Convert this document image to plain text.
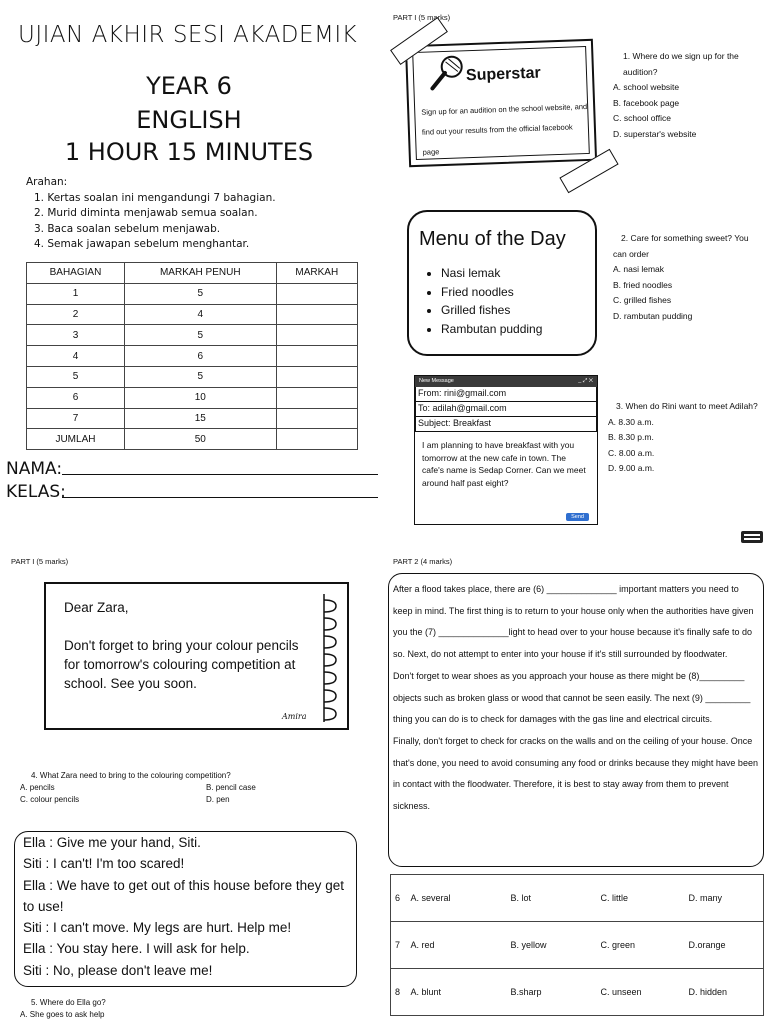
UJIAN AKHIR SESI AKADEMIK
YEAR 6
ENGLISH
1 HOUR 15 MINUTES
Arahan:
1. Kertas soalan ini mengandungi 7 bahagian.
2. Murid diminta menjawab semua soalan.
3. Baca soalan sebelum menjawab.
4. Semak jawapan sebelum menghantar.
BAHAGIAN	MARKAH PENUH	MARKAH
1	5	
2	4	
3	5	
4	6	
5	5	
6	10	
7	15	
JUMLAH	50	
NAMA:
KELAS:
PART I (5 marks)
Superstar
Sign up for an audition on the school website, and find out your results from the official facebook page
1. Where do we sign up for the audition?
A. school website
B. facebook page
C. school office
D. superstar's website
Menu of the Day
• Nasi lemak
• Fried noodles
• Grilled fishes
• Rambutan pudding
2. Care for something sweet? You can order
A. nasi lemak
B. fried noodles
C. grilled fishes
D. rambutan pudding
New Message	_ ⤢ ✕
From: rini@gmail.com
To: adilah@gmail.com
Subject: Breakfast
I am planning to have breakfast with you tomorrow at the new cafe in town. The cafe's name is Sedap Corner. Can we meet around half past eight?
Send
3. When do Rini want to meet Adilah?
A. 8.30 a.m.
B. 8.30 p.m.
C. 8.00 a.m.
D. 9.00 a.m.
PART I (5 marks)
Dear Zara,
Don't forget to bring your colour pencils for tomorrow's colouring competition at school. See you soon.
Amira
4. What Zara need to bring to the colouring competition?
A. pencils	B. pencil case
C. colour pencils	D. pen

Ella : Give me your hand, Siti.

Siti : I can't! I'm too scared!

Ella : We have to get out of this house before they get to use!

Siti : I can't move. My legs are hurt. Help me!

Ella : You stay here. I will ask for help.

Siti : No, please don't leave me!

5. Where do Ella go?
A. She goes to ask help
PART 2 (4 marks)
After a flood takes place, there are (6) ______________ important matters you need to keep in mind. The first thing is to return to your house only when the authorities have given you the (7) ______________light to head over to your house because it's finally safe to do so. Next, do not attempt to enter into your house if it's still surrounded by floodwater.
Don't forget to wear shoes as you approach your house as there might be (8)_________ objects such as broken glass or wood that cannot be seen easily. The next (9) _________ thing you can do is to check for damages with the gas line and electrical circuits.
Finally, don't forget to check for cracks on the walls and on the ceiling of your house. Once that's done, you need to avoid consuming any food or drinks because they might have been in contact with the floodwater. Therefore, it is best to stay away from them to prevent sickness.
6	A. several	B. lot	C. little	D. many
7	A. red	B. yellow	C. green	D.orange
8	A. blunt	B.sharp	C. unseen	D. hidden
